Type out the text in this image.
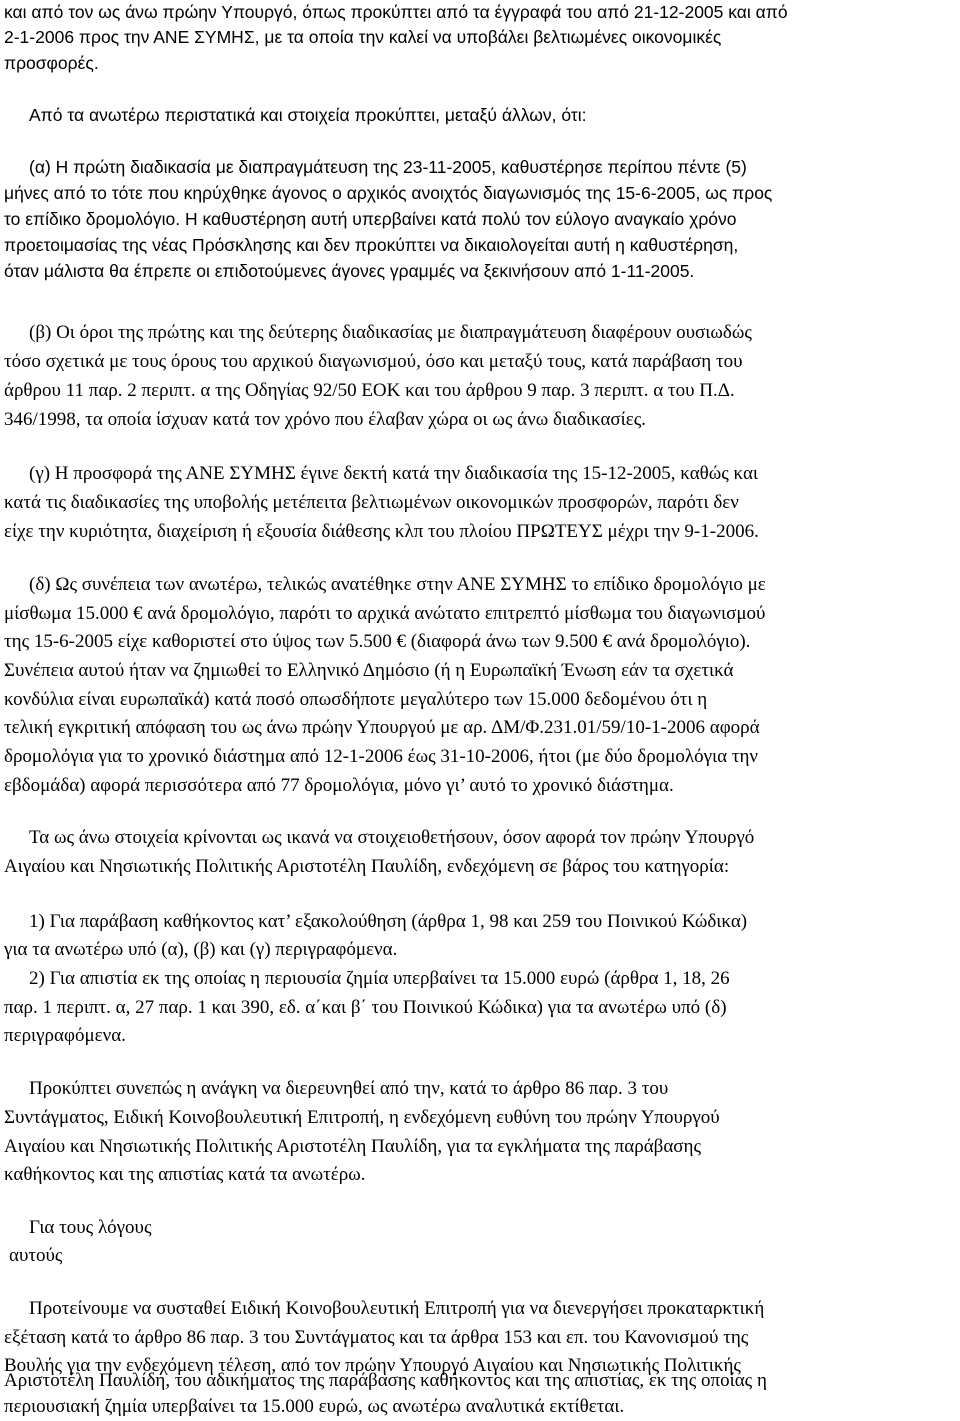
και από τον ως άνω πρώην Υπουργό, όπως προκύπτει από τα έγγραφά του από 21-12-2005 και από
2-1-2006 προς την ΑΝΕ ΣΥΜΗΣ, με τα οποία την καλεί να υποβάλει βελτιωμένες οικονομικές
προσφορές.
Από τα ανωτέρω περιστατικά και στοιχεία προκύπτει, μεταξύ άλλων, ότι:
(α) Η πρώτη διαδικασία με διαπραγμάτευση της 23-11-2005, καθυστέρησε περίπου πέντε (5)
μήνες από το τότε που κηρύχθηκε άγονος ο αρχικός ανοιχτός διαγωνισμός της 15-6-2005, ως προς
το επίδικο δρομολόγιο. Η καθυστέρηση αυτή υπερβαίνει κατά πολύ τον εύλογο αναγκαίο χρόνο
προετοιμασίας της νέας Πρόσκλησης και δεν προκύπτει να δικαιολογείται αυτή η καθυστέρηση,
όταν μάλιστα θα έπρεπε οι επιδοτούμενες άγονες γραμμές να ξεκινήσουν από 1-11-2005.
(β) Οι όροι της πρώτης και της δεύτερης διαδικασίας με διαπραγμάτευση διαφέρουν ουσιωδώς
τόσο σχετικά με τους όρους του αρχικού διαγωνισμού, όσο και μεταξύ τους, κατά παράβαση του
άρθρου 11 παρ. 2 περιπτ. α της Οδηγίας 92/50 ΕΟΚ και του άρθρου 9 παρ. 3 περιπτ. α του Π.Δ.
346/1998, τα οποία ίσχυαν κατά τον χρόνο που έλαβαν χώρα οι ως άνω διαδικασίες.
(γ) Η προσφορά της ΑΝΕ ΣΥΜΗΣ έγινε δεκτή κατά την διαδικασία της 15-12-2005, καθώς και
κατά τις διαδικασίες της υποβολής μετέπειτα βελτιωμένων οικονομικών προσφορών, παρότι δεν
είχε την κυριότητα, διαχείριση ή εξουσία διάθεσης κλπ του πλοίου ΠΡΩΤΕΥΣ μέχρι την 9-1-2006.
(δ) Ως συνέπεια των ανωτέρω, τελικώς ανατέθηκε στην ΑΝΕ ΣΥΜΗΣ το επίδικο δρομολόγιο με
μίσθωμα 15.000 € ανά δρομολόγιο, παρότι το αρχικά ανώτατο επιτρεπτό μίσθωμα του διαγωνισμού
της 15-6-2005 είχε καθοριστεί στο ύψος των 5.500 € (διαφορά άνω των 9.500 € ανά δρομολόγιο).
Συνέπεια αυτού ήταν να ζημιωθεί το Ελληνικό Δημόσιο (ή η Ευρωπαϊκή Ένωση εάν τα σχετικά
κονδύλια είναι ευρωπαϊκά) κατά ποσό οπωσδήποτε μεγαλύτερο των 15.000 δεδομένου ότι η
τελική εγκριτική απόφαση του ως άνω πρώην Υπουργού με αρ. ΔΜ/Φ.231.01/59/10-1-2006 αφορά
δρομολόγια για το χρονικό διάστημα από 12-1-2006 έως 31-10-2006, ήτοι (με δύο δρομολόγια την
εβδομάδα) αφορά περισσότερα από 77 δρομολόγια, μόνο γι’ αυτό το χρονικό διάστημα.
Τα ως άνω στοιχεία κρίνονται ως ικανά να στοιχειοθετήσουν, όσον αφορά τον πρώην Υπουργό
Αιγαίου και Νησιωτικής Πολιτικής Αριστοτέλη Παυλίδη, ενδεχόμενη σε βάρος του κατηγορία:
1) Για παράβαση καθήκοντος κατ’ εξακολούθηση (άρθρα 1, 98 και 259 του Ποινικού Κώδικα)
για τα ανωτέρω υπό (α), (β) και (γ) περιγραφόμενα.
2) Για απιστία εκ της οποίας η περιουσία ζημία υπερβαίνει τα 15.000 ευρώ (άρθρα 1, 18, 26
παρ. 1 περιπτ. α, 27 παρ. 1 και 390, εδ. α΄και β΄ του Ποινικού Κώδικα) για τα ανωτέρω υπό (δ)
περιγραφόμενα.
Προκύπτει συνεπώς η ανάγκη να διερευνηθεί από την, κατά το άρθρο 86 παρ. 3 του
Συντάγματος, Ειδική Κοινοβουλευτική Επιτροπή, η ενδεχόμενη ευθύνη του πρώην Υπουργού
Αιγαίου και Νησιωτικής Πολιτικής Αριστοτέλη Παυλίδη, για τα εγκλήματα της παράβασης
καθήκοντος και της απιστίας κατά τα ανωτέρω.
Για τους λόγους
αυτούς
Προτείνουμε να συσταθεί Ειδική Κοινοβουλευτική Επιτροπή για να διενεργήσει προκαταρκτική
εξέταση κατά το άρθρο 86 παρ. 3 του Συντάγματος και τα άρθρα 153 και επ. του Κανονισμού της
Βουλής για την ενδεχόμενη τέλεση, από τον πρώην Υπουργό Αιγαίου και Νησιωτικής Πολιτικής
Αριστοτέλη Παυλίδη, του αδικήματος της παράβασης καθήκοντος και της απιστίας, εκ της οποίας η
περιουσιακή ζημία υπερβαίνει τα 15.000 ευρώ, ως ανωτέρω αναλυτικά εκτίθεται.
